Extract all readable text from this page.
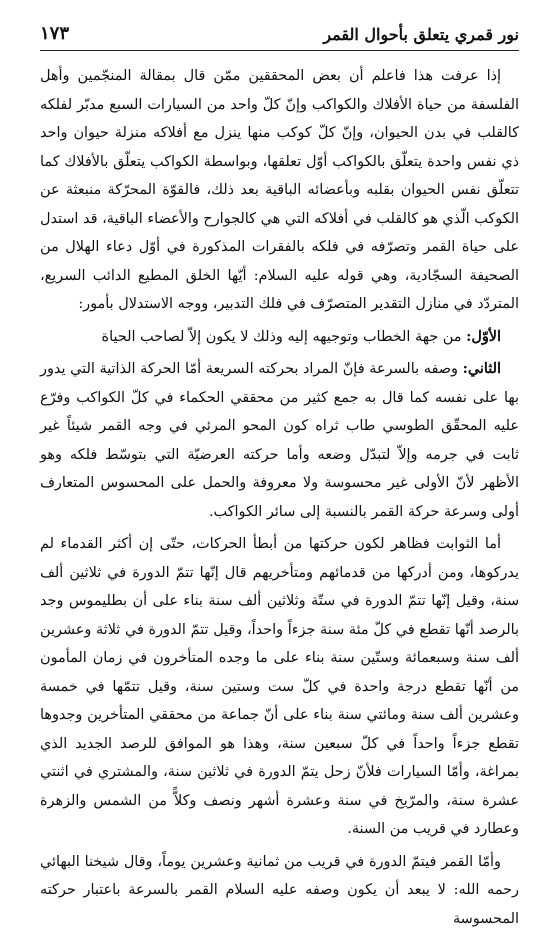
نور قمري يتعلق بأحوال القمر
١٧٣

إذا عرفت هذا فاعلم أن بعض المحققين ممّن قال بمقالة المنجّمين وأهل الفلسفة من حياة الأفلاك والكواكب وإنّ كلّ واحد من السيارات السبع مدبّر لفلكه كالقلب في بدن الحيوان، وإنّ كلّ كوكب منها ينزل مع أفلاكه منزلة حيوان واحد ذي نفس واحدة يتعلّق بالكواكب أوّل تعلقها، وبواسطة الكواكب يتعلّق بالأفلاك كما تتعلّق نفس الحيوان بقلبه وبأعضائه الباقية بعد ذلك، فالقوّة المحرّكة منبعثة عن الكوكب الّذي هو كالقلب في أفلاكه التي هي كالجوارح والأعضاء الباقية، قد استدل على حياة القمر وتصرّفه في فلكه بالفقرات المذكورة في أوّل دعاء الهلال من الصحيفة السجّادية، وهي قوله عليه السلام: أيّها الخلق المطيع الدائب السريع، المتردّد في منازل التقدير المتصرّف في فلك التدبير، ووجه الاستدلال بأمور:

الأوّل: من جهة الخطاب وتوجيهه إليه وذلك لا يكون إلاّ لصاحب الحياة

الثاني: وصفه بالسرعة فإنّ المراد بحركته السريعة أمّا الحركة الذاتية التي يدور بها على نفسه كما قال به جمع كثير من محققي الحكماء في كلّ الكواكب وفرّع عليه المحقّق الطوسي طاب ثراه كون المحو المرئي في وجه القمر شيئاً غير ثابت في جرمه وإلاّ لتبدّل وضعه وأما حركته العرضيّة التي بتوسّط فلكه وهو الأظهر لأنّ الأولى غير محسوسة ولا معروفة والحمل على المحسوس المتعارف أولى وسرعة حركة القمر بالنسبة إلى سائر الكواكب.

أما الثوابت فظاهر لكون حركتها من أبطأ الحركات، حتّى إن أكثر القدماء لم يدركوها، ومن أدركها من قدمائهم ومتأخريهم قال إنّها تتمّ الدورة في ثلاثين ألف سنة، وقيل إنّها تتمّ الدورة في ستّة وثلاثين ألف سنة بناء على أن بطليموس وجد بالرصد أنّها تقطع في كلّ مئة سنة جزءاً واحداً، وقيل تتمّ الدورة في ثلاثة وعشرين ألف سنة وسبعمائة وستّين سنة بناء على ما وجده المتأخرون في زمان المأمون من أنّها تقطع درجة واحدة في كلّ ست وستين سنة، وقيل تتمّها في خمسة وعشرين ألف سنة ومائتي سنة بناء على أنّ جماعة من محققي المتأخرين وجدوها تقطع جزءاً واحداً في كلّ سبعين سنة، وهذا هو الموافق للرصد الجديد الذي بمراغة، وأمّا السيارات فلأنّ زحل يتمّ الدورة في ثلاثين سنة، والمشتري في اثنتي عشرة سنة، والمرّيخ في سنة وعشرة أشهر ونصف وكلاًّ من الشمس والزهرة وعطارد في قريب من السنة.

وأمّا القمر فيتمّ الدورة في قريب من ثمانية وعشرين يوماً، وقال شيخنا البهائي رحمه الله: لا يبعد أن يكون وصفه عليه السلام القمر بالسرعة باعتبار حركته المحسوسة
